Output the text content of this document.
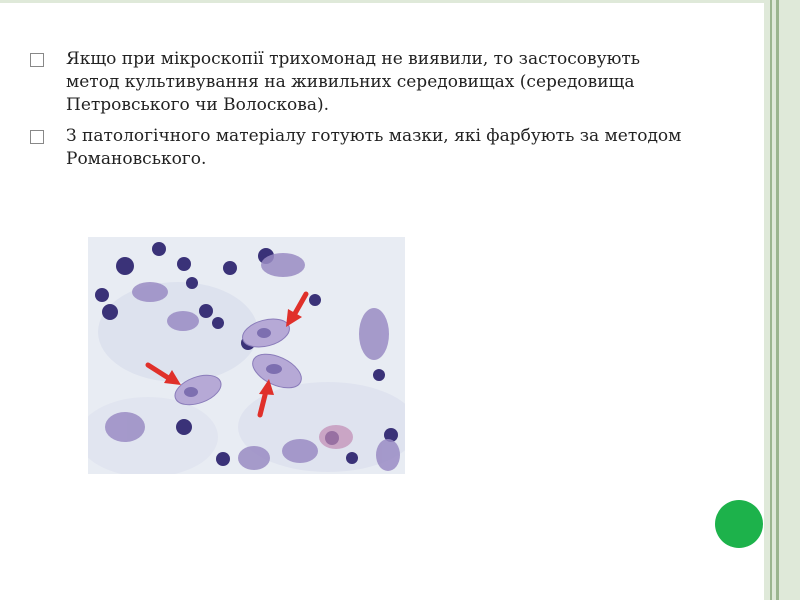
Якщо при мікроскопії трихомонад не виявили, то застосовують метод культивування на живильних середовищах (середовища Петровського чи Волоскова).
З патологічного матеріалу готують мазки, які фарбують за методом Романовського.
